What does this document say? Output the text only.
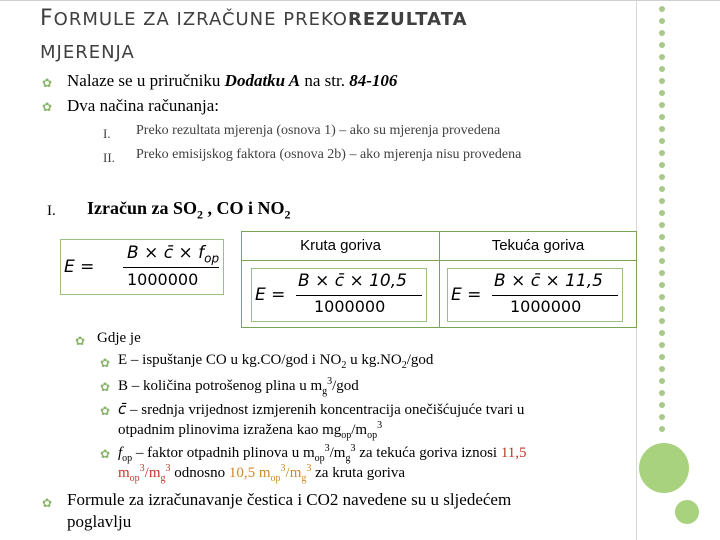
FORMULE ZA IZRAČUNE PREKOREZULTATA
MJERENJA
✿ Nalaze se u priručniku Dodatku A na str. 84-106
✿ Dva načina računanja:
I. Preko rezultata mjerenja (osnova 1) – ako su mjerenja provedena
II. Preko emisijskog faktora (osnova 2b) – ako mjerenja nisu provedena
I. Izračun za $SO_2$ , CO i $NO_2$
E =
B × c̄ × $f_{op}$
1000000
Kruta goriva	Tekuća goriva
E =
B × c̄ × 10,5
1000000
E =
B × c̄ × 11,5
1000000
✿ Gdje je
✿ E – ispuštanje CO u kg.CO/god i $NO_2$ u $kg.NO_2$/god
✿ B – količina potrošenog plina u $m_g^3$/god
✿ c̄ – srednja vrijednost izmjerenih koncentracija onečišćujuće tvari u
otpadnim plinovima izražena kao $mg_{op}/m_{op}^3$
✿ $f_{op}$ – faktor otpadnih plinova u $m_{op}^3/m_g^3$ za tekuća goriva iznosi 11,5
$m_{op}^3/m_g^3$ odnosno 10,5 $m_{op}^3/m_g^3$ za kruta goriva
✿ Formule za izračunavanje čestica i CO2 navedene su u sljedećem
poglavlju
